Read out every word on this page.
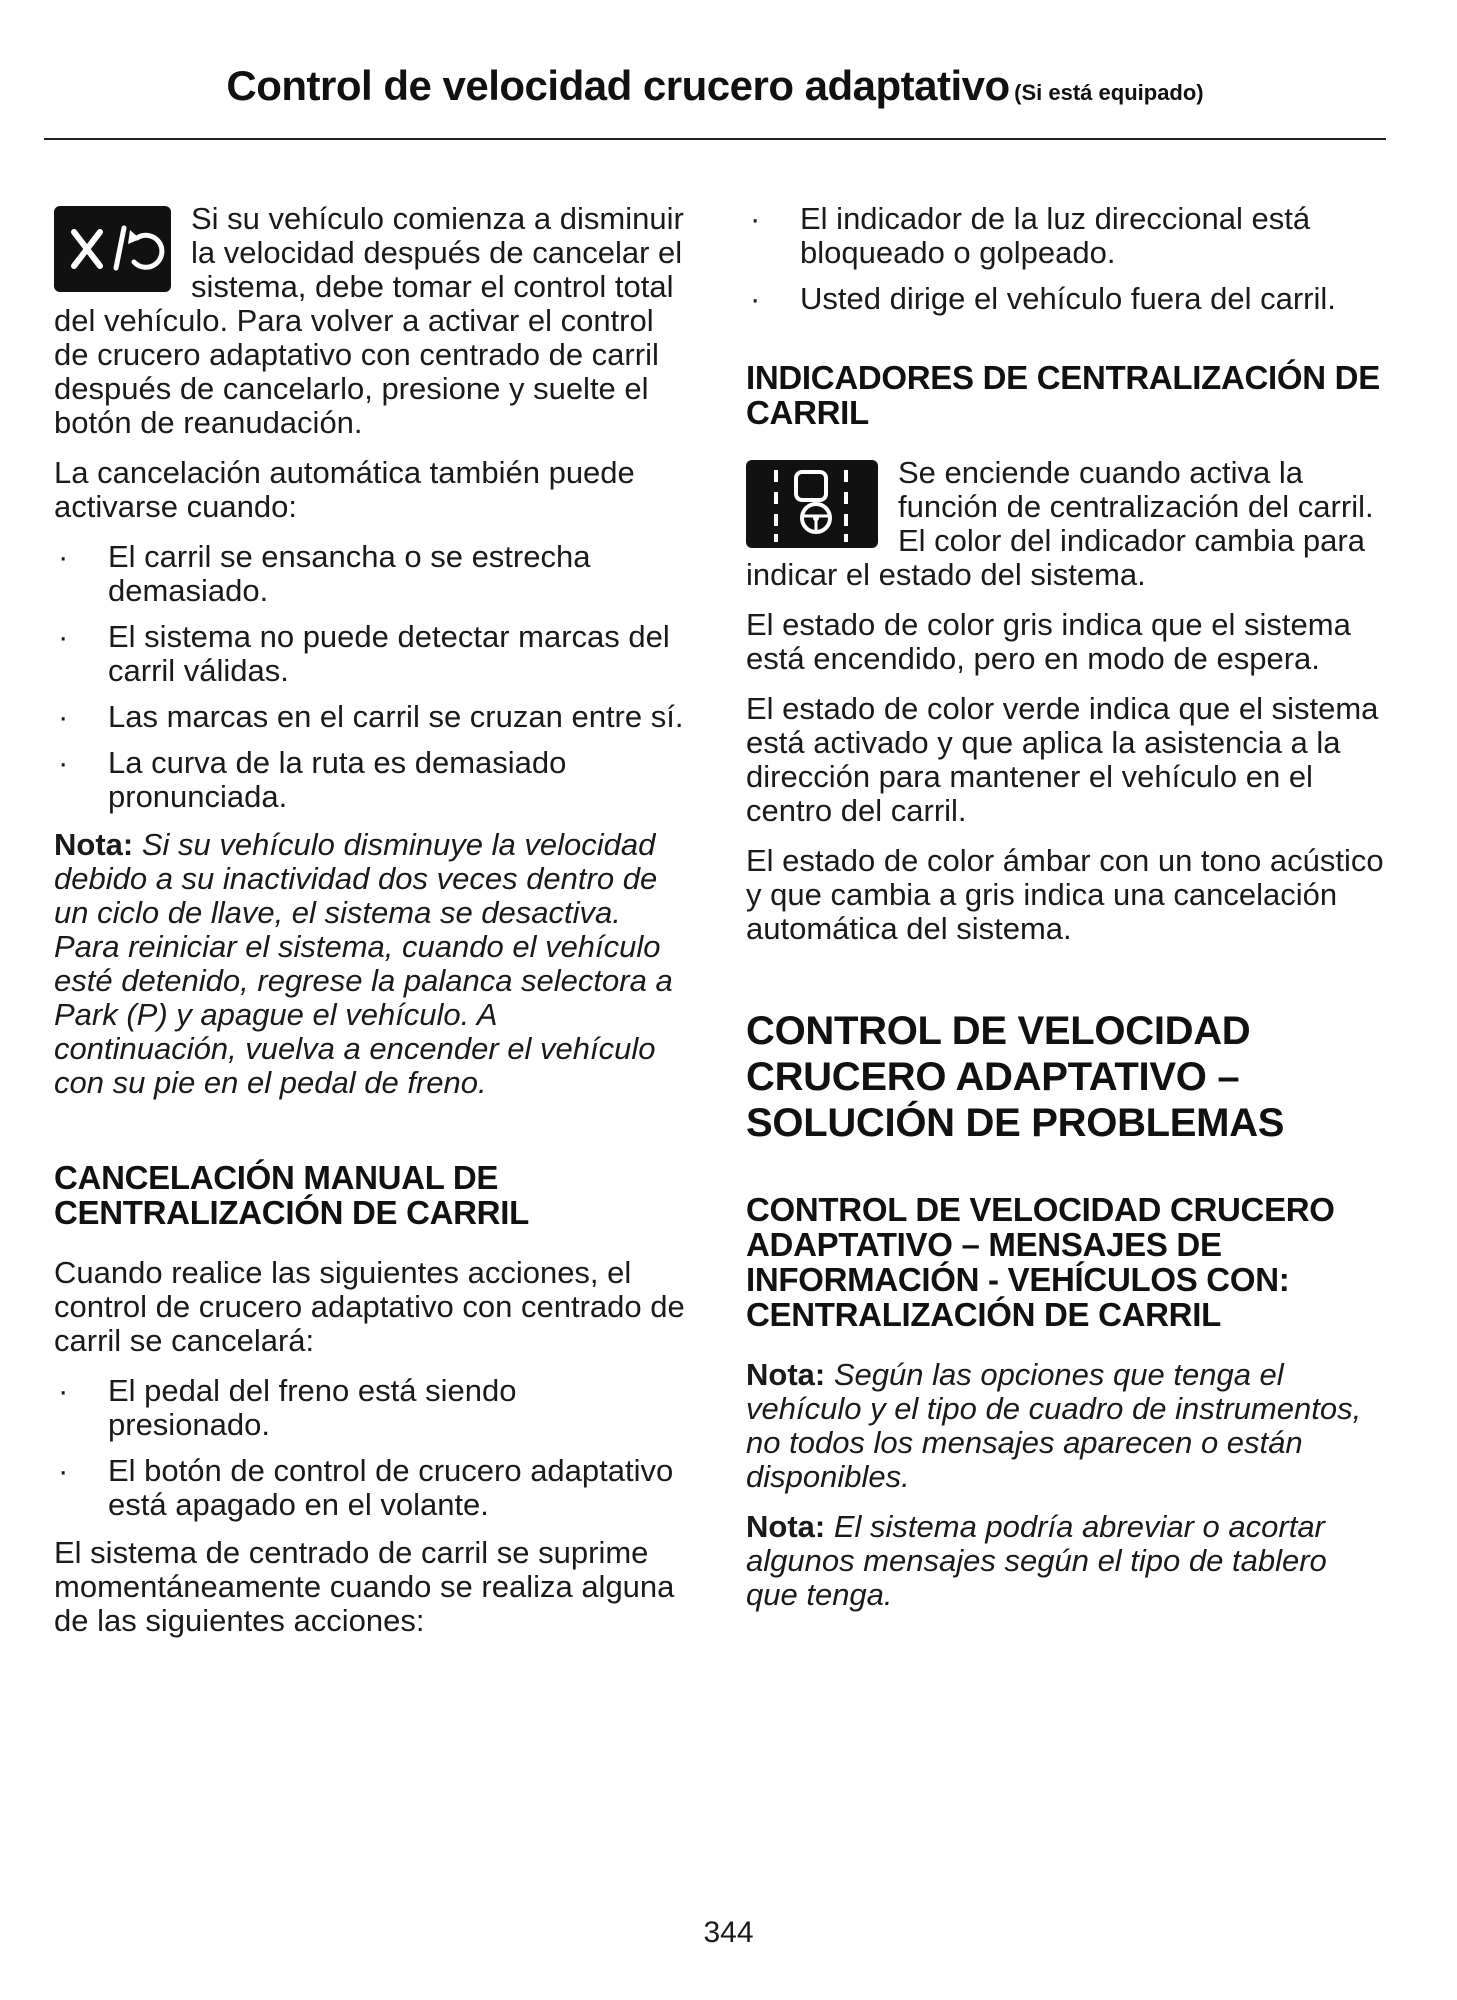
Control de velocidad crucero adaptativo (Si está equipado)

Si su vehículo comienza a disminuir la velocidad después de cancelar el sistema, debe tomar el control total del vehículo. Para volver a activar el control de crucero adaptativo con centrado de carril después de cancelarlo, presione y suelte el botón de reanudación.

La cancelación automática también puede activarse cuando:

· El carril se ensancha o se estrecha demasiado.
· El sistema no puede detectar marcas del carril válidas.
· Las marcas en el carril se cruzan entre sí.
· La curva de la ruta es demasiado pronunciada.

Nota: Si su vehículo disminuye la velocidad debido a su inactividad dos veces dentro de un ciclo de llave, el sistema se desactiva. Para reiniciar el sistema, cuando el vehículo esté detenido, regrese la palanca selectora a Park (P) y apague el vehículo. A continuación, vuelva a encender el vehículo con su pie en el pedal de freno.

CANCELACIÓN MANUAL DE CENTRALIZACIÓN DE CARRIL

Cuando realice las siguientes acciones, el control de crucero adaptativo con centrado de carril se cancelará:

· El pedal del freno está siendo presionado.
· El botón de control de crucero adaptativo está apagado en el volante.

El sistema de centrado de carril se suprime momentáneamente cuando se realiza alguna de las siguientes acciones:

· El indicador de la luz direccional está bloqueado o golpeado.
· Usted dirige el vehículo fuera del carril.
INDICADORES DE CENTRALIZACIÓN DE CARRIL

Se enciende cuando activa la función de centralización del carril. El color del indicador cambia para indicar el estado del sistema.

El estado de color gris indica que el sistema está encendido, pero en modo de espera.

El estado de color verde indica que el sistema está activado y que aplica la asistencia a la dirección para mantener el vehículo en el centro del carril.

El estado de color ámbar con un tono acústico y que cambia a gris indica una cancelación automática del sistema.

CONTROL DE VELOCIDAD CRUCERO ADAPTATIVO – SOLUCIÓN DE PROBLEMAS
CONTROL DE VELOCIDAD CRUCERO ADAPTATIVO – MENSAJES DE INFORMACIÓN - VEHÍCULOS CON: CENTRALIZACIÓN DE CARRIL

Nota: Según las opciones que tenga el vehículo y el tipo de cuadro de instrumentos, no todos los mensajes aparecen o están disponibles.

Nota: El sistema podría abreviar o acortar algunos mensajes según el tipo de tablero que tenga.

344
